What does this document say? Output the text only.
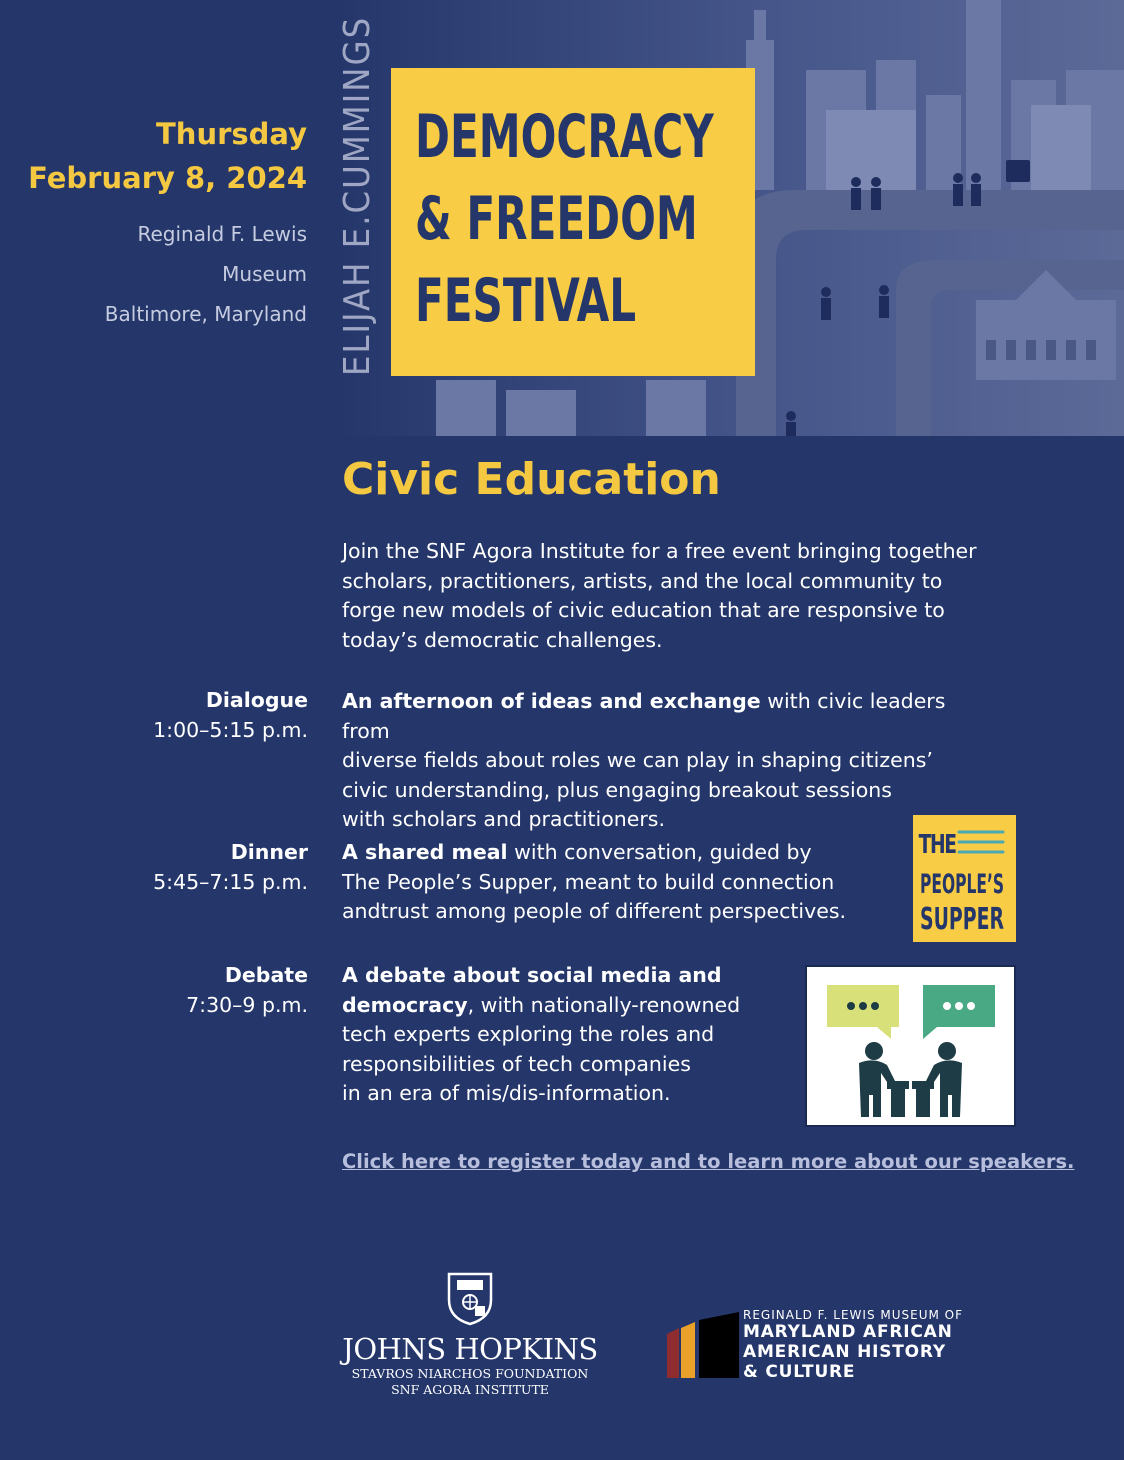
Thursday
February 8, 2024
Reginald F. Lewis
Museum
Baltimore, Maryland ELIJAH E.CUMMINGS DEMOCRACY
& FREEDOM
FESTIVAL
Civic Education
Join the SNF Agora Institute for a free event bringing together scholars, practitioners, artists, and the local community to forge new models of civic education that are responsive to today’s democratic challenges.
Dialogue
1:00–5:15 p.m.
An afternoon of ideas and exchange with civic leaders from
diverse fields about roles we can play in shaping citizens’
civic understanding, plus engaging breakout sessions
with scholars and practitioners.
Dinner
5:45–7:15 p.m.
A shared meal with conversation, guided by
The People’s Supper, meant to build connection
andtrust among people of different perspectives.
THE
PEOPLE’S
SUPPER
Debate
7:30–9 p.m.
A debate about social media and
democracy, with nationally-renowned
tech experts exploring the roles and
responsibilities of tech companies
in an era of mis/dis-information.
Click here to register today and to learn more about our speakers.
JOHNS HOPKINS
STAVROS NIARCHOS FOUNDATION
SNF AGORA INSTITUTE
REGINALD F. LEWIS MUSEUM OF
MARYLAND AFRICAN
AMERICAN HISTORY
& CULTURE
